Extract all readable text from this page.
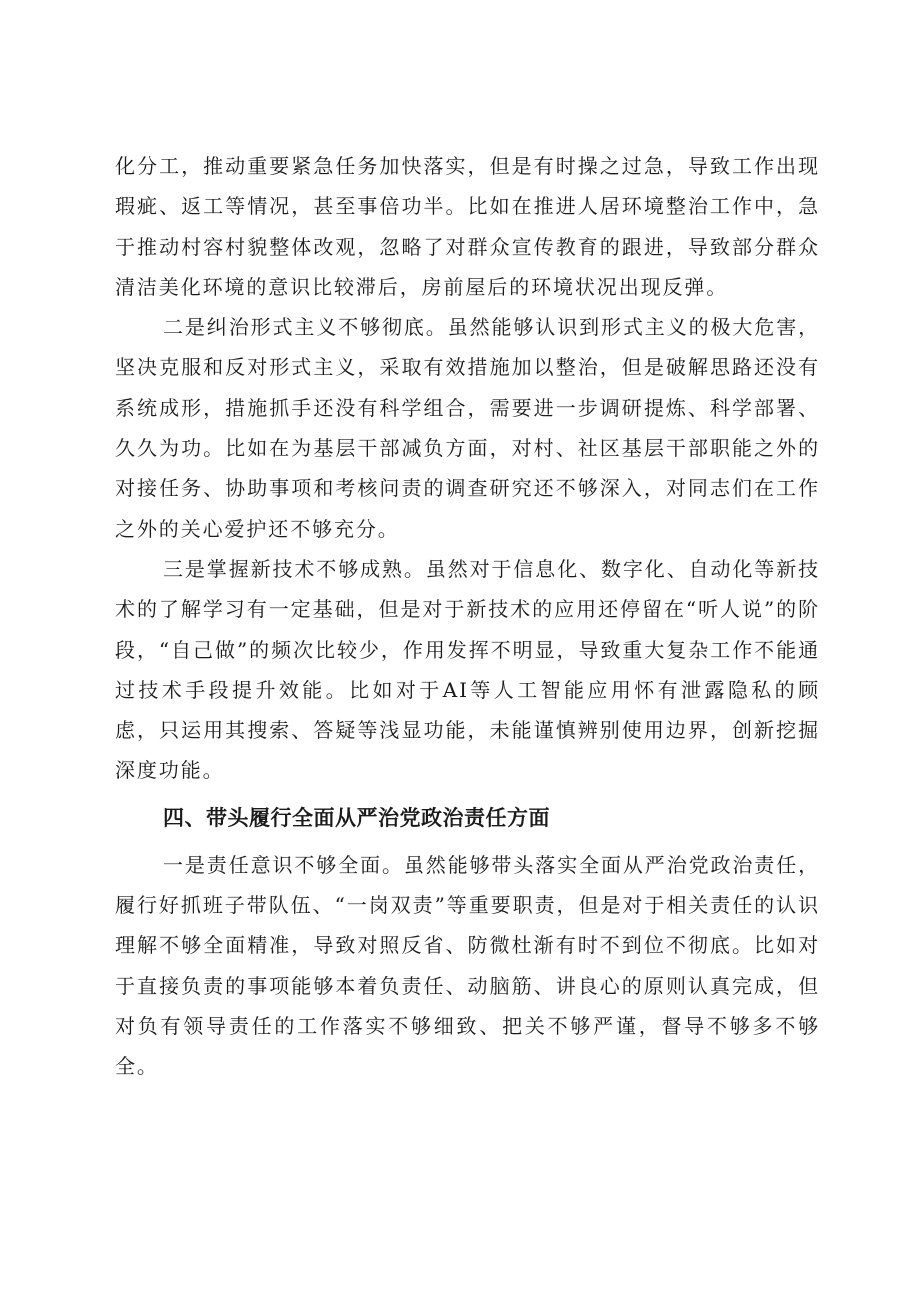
化分工，推动重要紧急任务加快落实，但是有时操之过急，导致工作出现瑕疵、返工等情况，甚至事倍功半。比如在推进人居环境整治工作中，急于推动村容村貌整体改观，忽略了对群众宣传教育的跟进，导致部分群众清洁美化环境的意识比较滞后，房前屋后的环境状况出现反弹。

二是纠治形式主义不够彻底。虽然能够认识到形式主义的极大危害，坚决克服和反对形式主义，采取有效措施加以整治，但是破解思路还没有系统成形，措施抓手还没有科学组合，需要进一步调研提炼、科学部署、久久为功。比如在为基层干部减负方面，对村、社区基层干部职能之外的对接任务、协助事项和考核问责的调查研究还不够深入，对同志们在工作之外的关心爱护还不够充分。

三是掌握新技术不够成熟。虽然对于信息化、数字化、自动化等新技术的了解学习有一定基础，但是对于新技术的应用还停留在“听人说”的阶段，“自己做”的频次比较少，作用发挥不明显，导致重大复杂工作不能通过技术手段提升效能。比如对于AI等人工智能应用怀有泄露隐私的顾虑，只运用其搜索、答疑等浅显功能，未能谨慎辨别使用边界，创新挖掘深度功能。

四、带头履行全面从严治党政治责任方面

一是责任意识不够全面。虽然能够带头落实全面从严治党政治责任，履行好抓班子带队伍、“一岗双责”等重要职责，但是对于相关责任的认识理解不够全面精准，导致对照反省、防微杜渐有时不到位不彻底。比如对于直接负责的事项能够本着负责任、动脑筋、讲良心的原则认真完成，但对负有领导责任的工作落实不够细致、把关不够严谨，督导不够多不够全。
